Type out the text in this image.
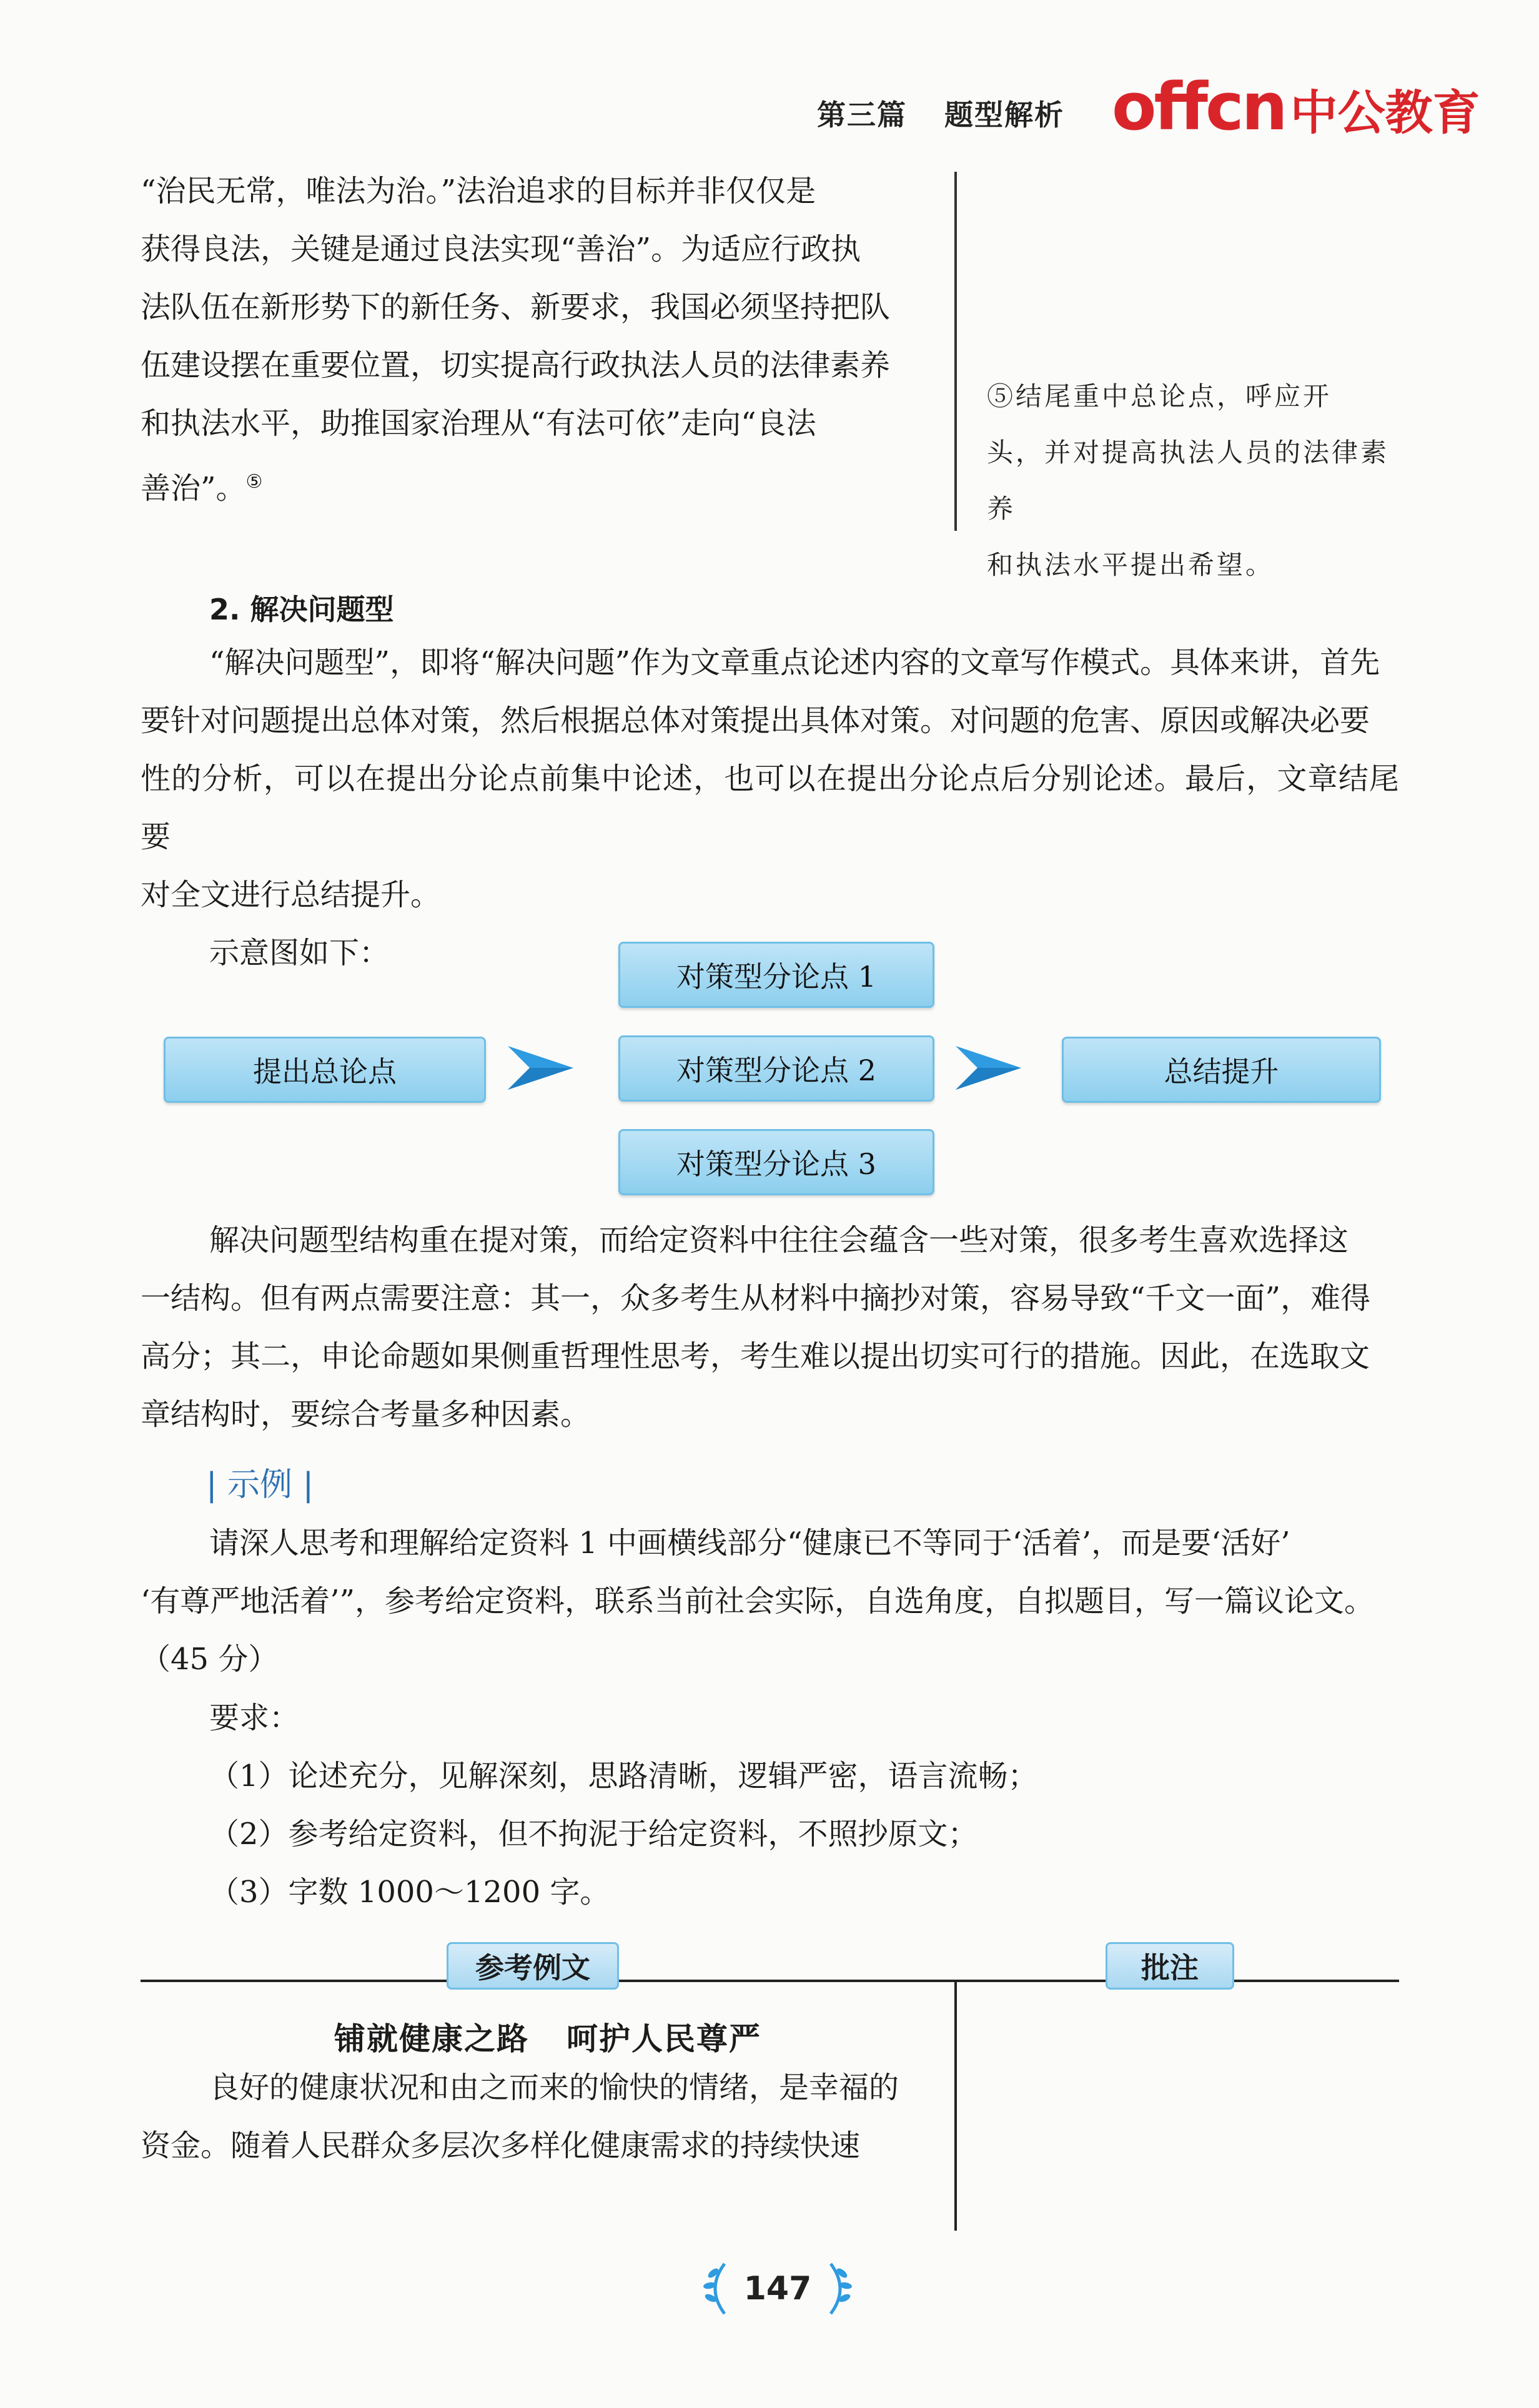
第三篇 题型解析 offcn 中公教育
“治民无常，唯法为治。”法治追求的目标并非仅仅是
获得良法，关键是通过良法实现“善治”。为适应行政执
法队伍在新形势下的新任务、新要求，我国必须坚持把队
伍建设摆在重要位置，切实提高行政执法人员的法律素养
和执法水平，助推国家治理从“有法可依”走向“良法
善治”。⑤
⑤结尾重中总论点，呼应开
头，并对提高执法人员的法律素养
和执法水平提出希望。
2. 解决问题型
“解决问题型”，即将“解决问题”作为文章重点论述内容的文章写作模式。具体来讲，首先
要针对问题提出总体对策，然后根据总体对策提出具体对策。对问题的危害、原因或解决必要
性的分析，可以在提出分论点前集中论述，也可以在提出分论点后分别论述。最后，文章结尾要
对全文进行总结提升。
示意图如下：
提出总论点
对策型分论点 1
对策型分论点 2
对策型分论点 3
总结提升
解决问题型结构重在提对策，而给定资料中往往会蕴含一些对策，很多考生喜欢选择这
一结构。但有两点需要注意：其一，众多考生从材料中摘抄对策，容易导致“千文一面”，难得
高分；其二，申论命题如果侧重哲理性思考，考生难以提出切实可行的措施。因此，在选取文
章结构时，要综合考量多种因素。
| 示例 |
请深人思考和理解给定资料 1 中画横线部分“健康已不等同于‘活着’，而是要‘活好’
‘有尊严地活着’”，参考给定资料，联系当前社会实际，自选角度，自拟题目，写一篇议论文。
（45 分）
要求：
（1）论述充分，见解深刻，思路清晰，逻辑严密，语言流畅；
（2）参考给定资料，但不拘泥于给定资料，不照抄原文；
（3）字数 1000～1200 字。
参考例文	批注
铺就健康之路 呵护人民尊严
良好的健康状况和由之而来的愉快的情绪，是幸福的
资金。随着人民群众多层次多样化健康需求的持续快速
147
